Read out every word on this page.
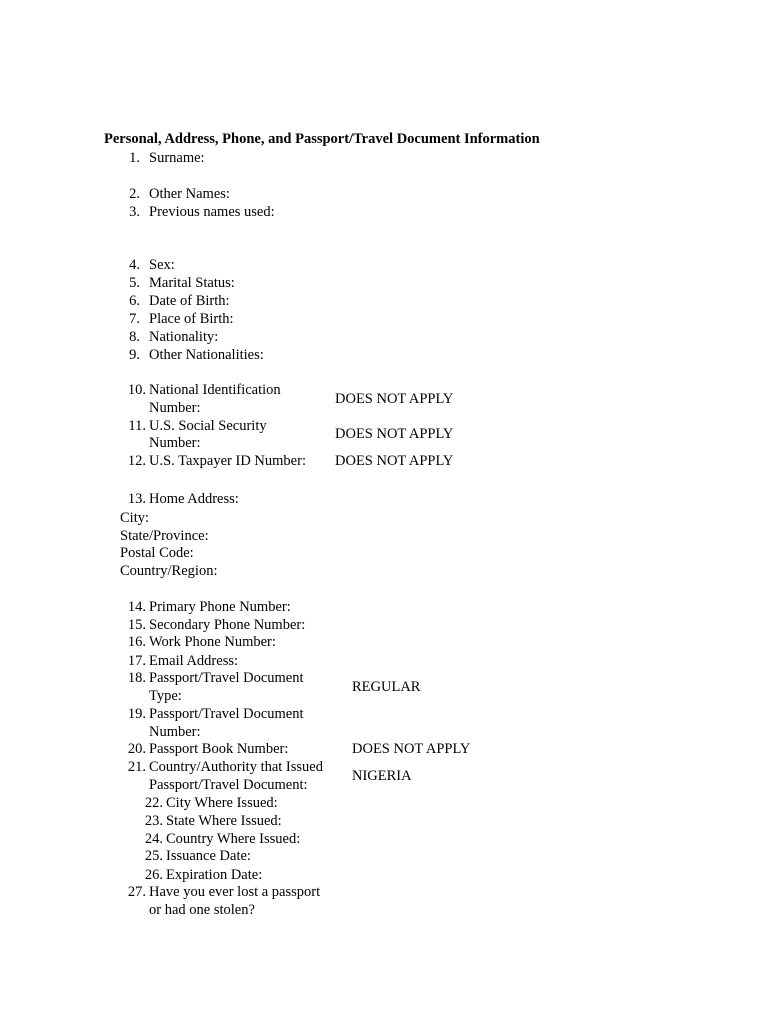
Personal, Address, Phone, and Passport/Travel Document Information
1. Surname:
2. Other Names:
3. Previous names used:
4. Sex:
5. Marital Status:
6. Date of Birth:
7. Place of Birth:
8. Nationality:
9. Other Nationalities:
10. National Identification
Number:
DOES NOT APPLY
11. U.S. Social Security
Number:
DOES NOT APPLY
12. U.S. Taxpayer ID Number: DOES NOT APPLY
13. Home Address:
City:
State/Province:
Postal Code:
Country/Region:
14. Primary Phone Number:
15. Secondary Phone Number:
16. Work Phone Number:
17. Email Address:
18. Passport/Travel Document
Type:
REGULAR
19. Passport/Travel Document
Number:
20. Passport Book Number:	DOES NOT APPLY
21. Country/Authority that Issued
Passport/Travel Document:
NIGERIA
22. City Where Issued:
23. State Where Issued:
24. Country Where Issued:
25. Issuance Date:
26. Expiration Date:
27. Have you ever lost a passport
or had one stolen?
